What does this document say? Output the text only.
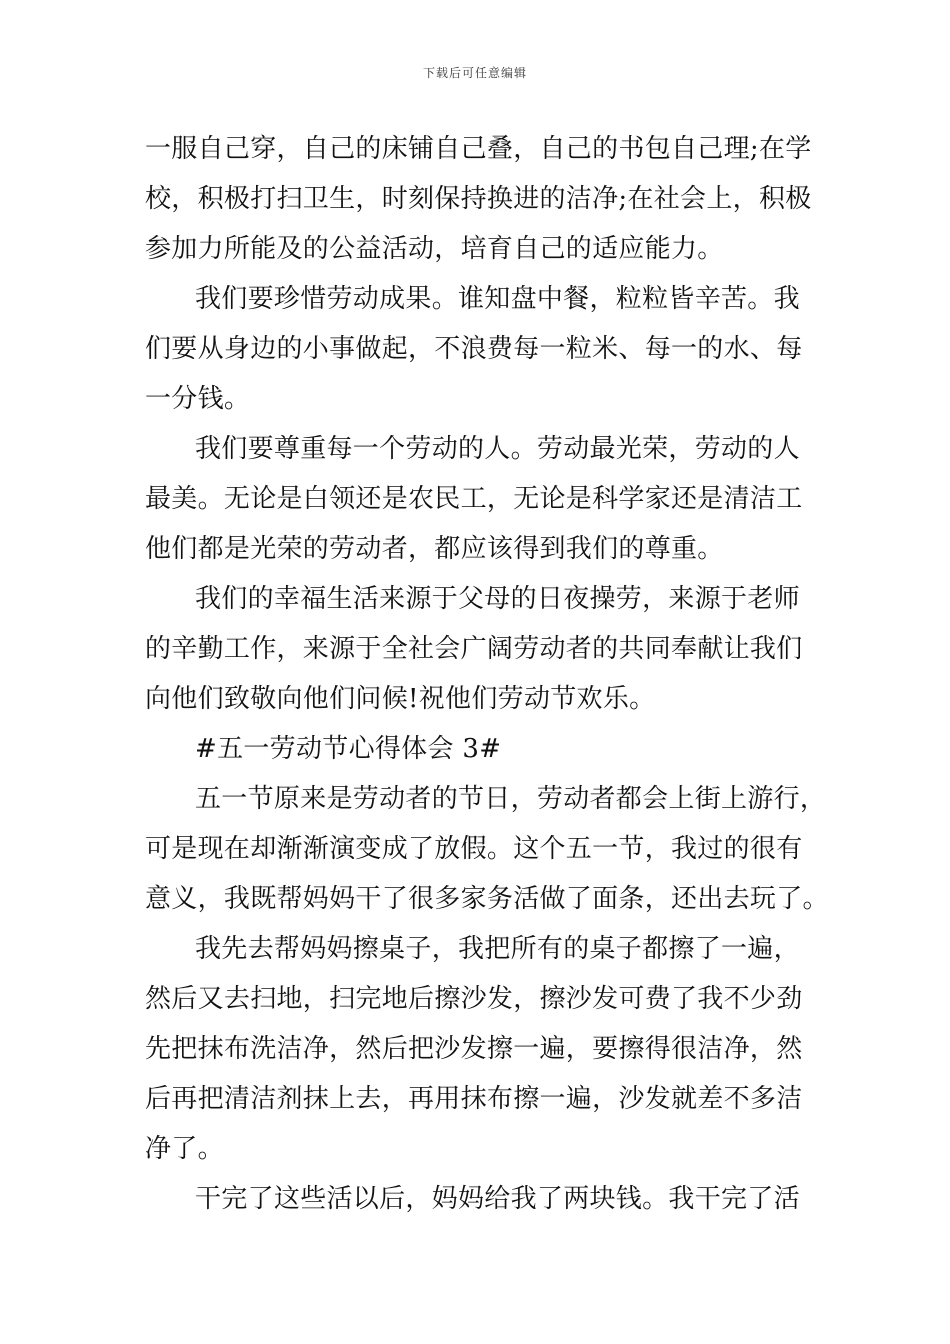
下载后可任意编辑
一服自己穿，自己的床铺自己叠，自己的书包自己理;在学
校，积极打扫卫生，时刻保持换进的洁净;在社会上，积极
参加力所能及的公益活动，培育自己的适应能力。
我们要珍惜劳动成果。谁知盘中餐，粒粒皆辛苦。我
们要从身边的小事做起，不浪费每一粒米、每一的水、每
一分钱。
我们要尊重每一个劳动的人。劳动最光荣，劳动的人
最美。无论是白领还是农民工，无论是科学家还是清洁工
他们都是光荣的劳动者，都应该得到我们的尊重。
我们的幸福生活来源于父母的日夜操劳，来源于老师
的辛勤工作，来源于全社会广阔劳动者的共同奉献让我们
向他们致敬向他们问候!祝他们劳动节欢乐。
#五一劳动节心得体会 3#
五一节原来是劳动者的节日，劳动者都会上街上游行，
可是现在却渐渐演变成了放假。这个五一节，我过的很有
意义，我既帮妈妈干了很多家务活做了面条，还出去玩了。
我先去帮妈妈擦桌子，我把所有的桌子都擦了一遍，
然后又去扫地，扫完地后擦沙发，擦沙发可费了我不少劲
先把抹布洗洁净，然后把沙发擦一遍，要擦得很洁净，然
后再把清洁剂抹上去，再用抹布擦一遍，沙发就差不多洁
净了。
干完了这些活以后，妈妈给我了两块钱。我干完了活
